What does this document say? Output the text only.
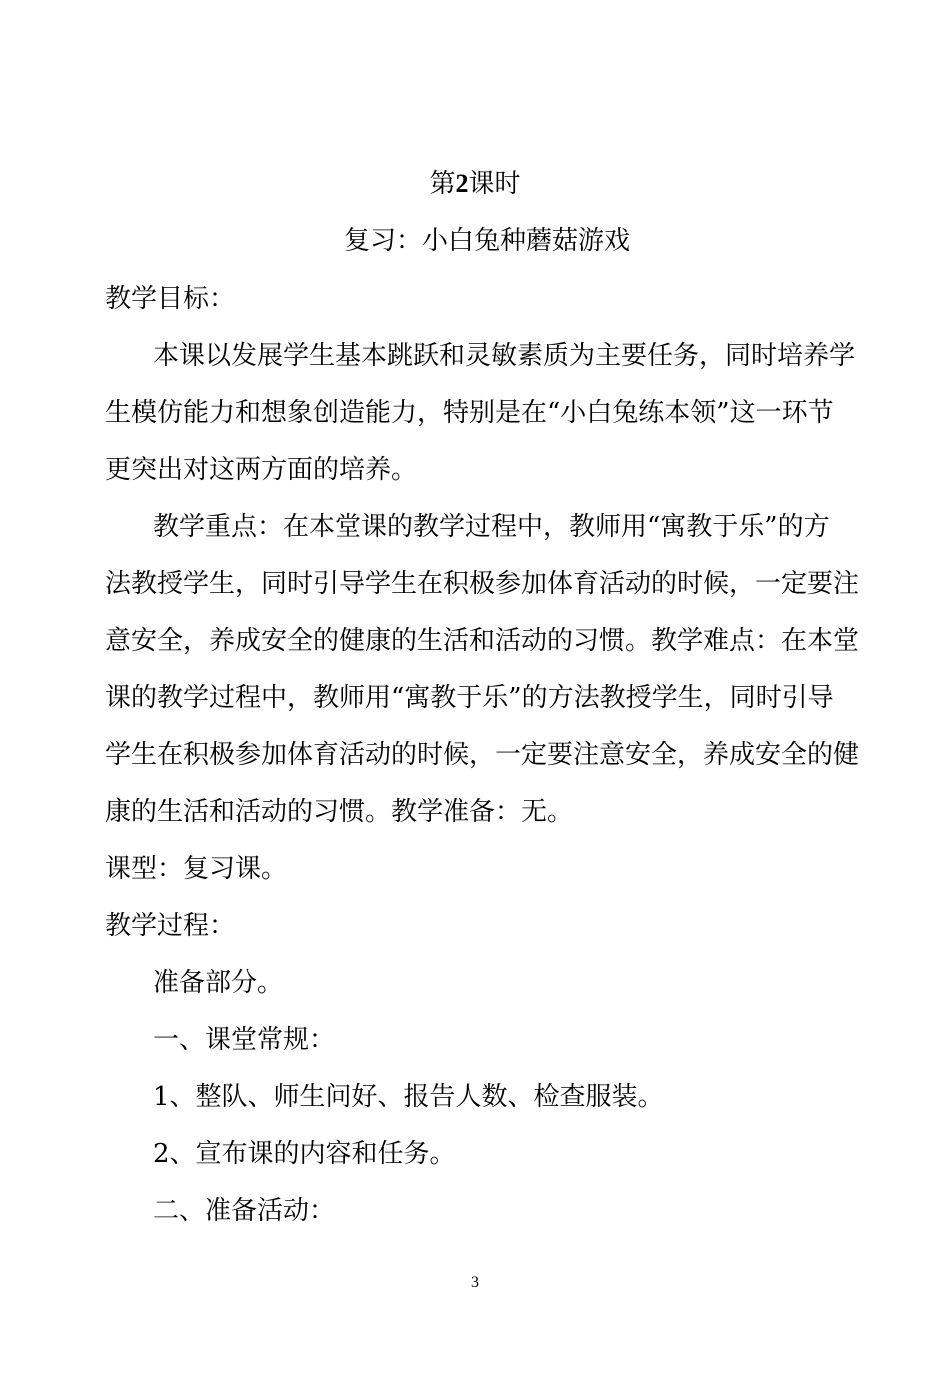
第2课时
复习：小白兔种蘑菇游戏
教学目标：
本课以发展学生基本跳跃和灵敏素质为主要任务，同时培养学
生模仿能力和想象创造能力，特别是在“小白兔练本领”这一环节
更突出对这两方面的培养。
教学重点：在本堂课的教学过程中，教师用“寓教于乐”的方
法教授学生，同时引导学生在积极参加体育活动的时候，一定要注
意安全，养成安全的健康的生活和活动的习惯。教学难点：在本堂
课的教学过程中，教师用“寓教于乐”的方法教授学生，同时引导
学生在积极参加体育活动的时候，一定要注意安全，养成安全的健
康的生活和活动的习惯。教学准备：无。
课型：复习课。
教学过程：
准备部分。
一、课堂常规：
1、整队、师生问好、报告人数、检查服装。
2、宣布课的内容和任务。
二、准备活动：
3
